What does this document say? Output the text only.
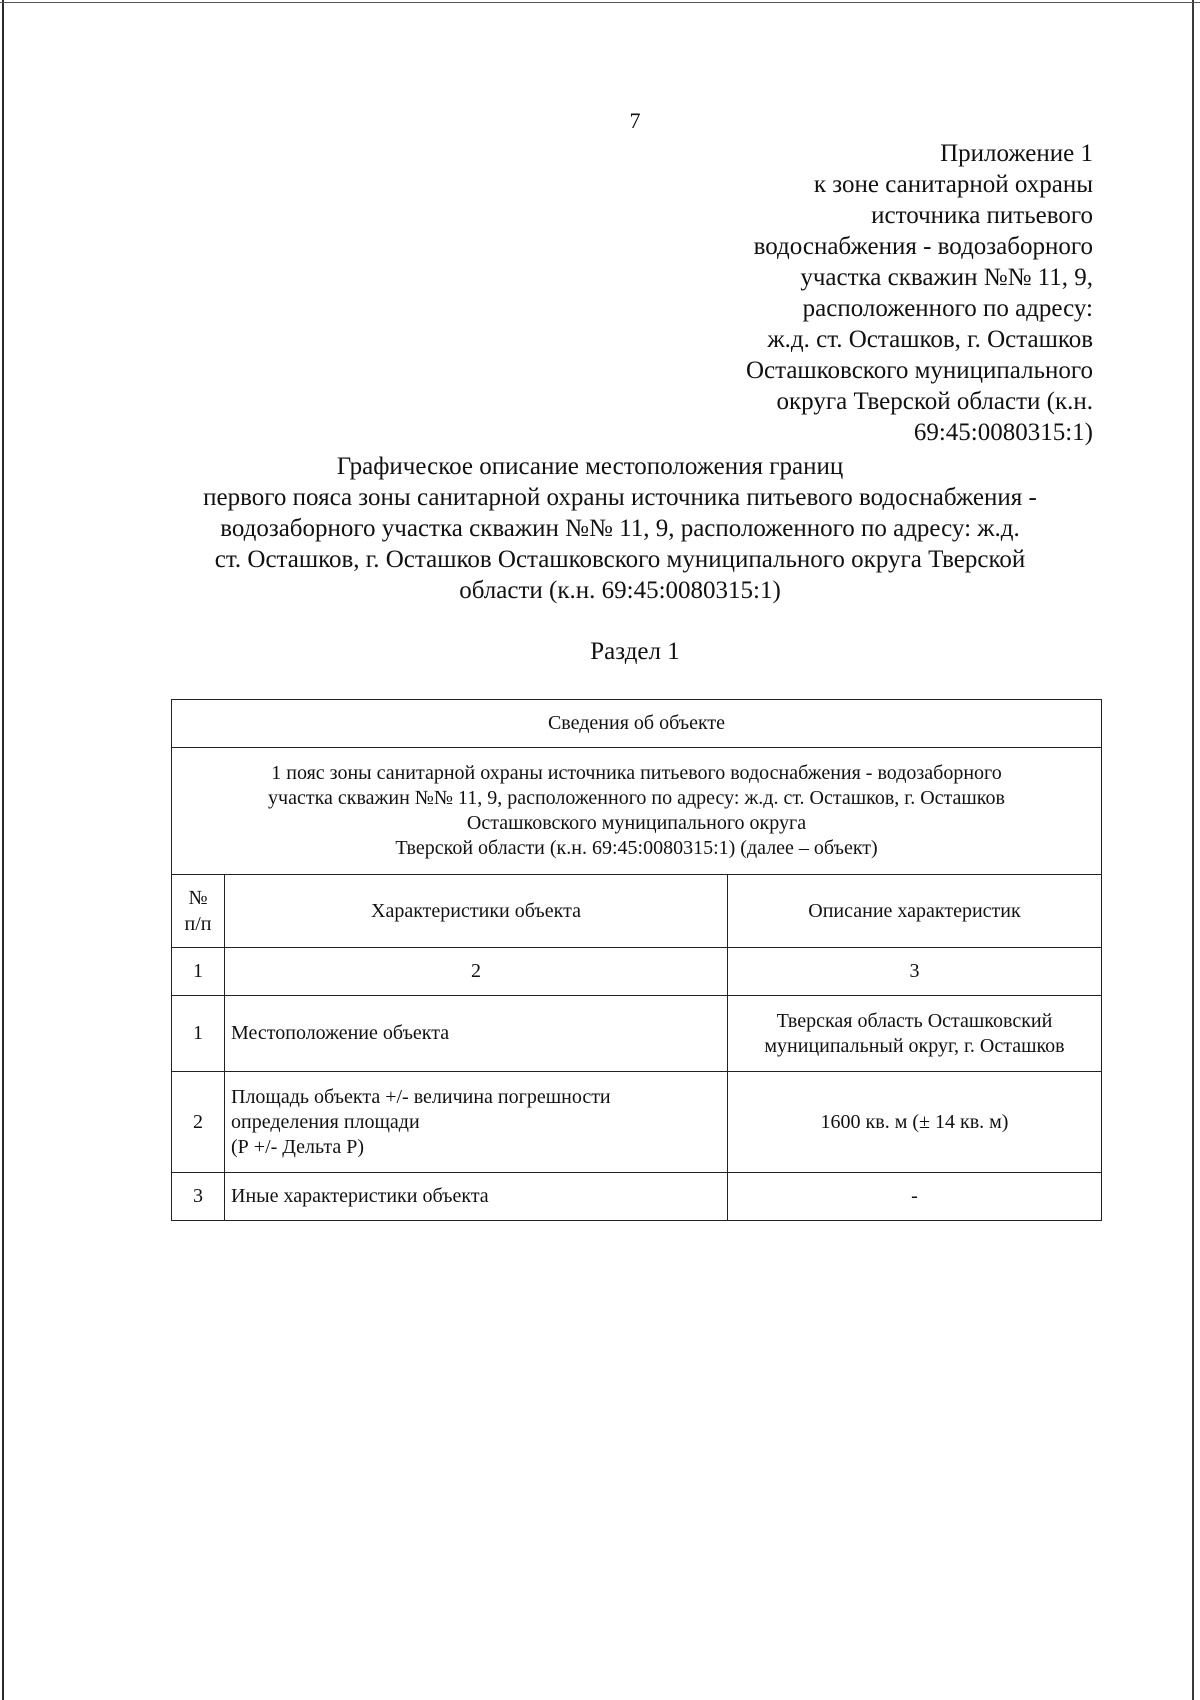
7
Приложение 1
к зоне санитарной охраны
источника питьевого
водоснабжения - водозаборного
участка скважин №№ 11, 9,
расположенного по адресу:
ж.д. ст. Осташков, г. Осташков
Осташковского муниципального
округа Тверской области (к.н.
69:45:0080315:1)
Графическое описание местоположения границ
первого пояса зоны санитарной охраны источника питьевого водоснабжения -
водозаборного участка скважин №№ 11, 9, расположенного по адресу: ж.д.
ст. Осташков, г. Осташков Осташковского муниципального округа Тверской
области (к.н. 69:45:0080315:1)
Раздел 1
Сведения об объекте		

1 пояс зоны санитарной охраны источника питьевого водоснабжения - водозаборного
участка скважин №№ 11, 9, расположенного по адресу: ж.д. ст. Осташков, г. Осташков
Осташковского муниципального округа
Тверской области (к.н. 69:45:0080315:1) (далее – объект)		

№
п/п	Характеристики объекта	Описание характеристик
1	2	3
1	Местоположение объекта	Тверская область Осташковский
муниципальный округ, г. Осташков

2	Площадь объекта +/- величина погрешности
определения площади
(Р +/- Дельта Р)	1600 кв. м (± 14 кв. м)

3	Иные характеристики объекта	-
